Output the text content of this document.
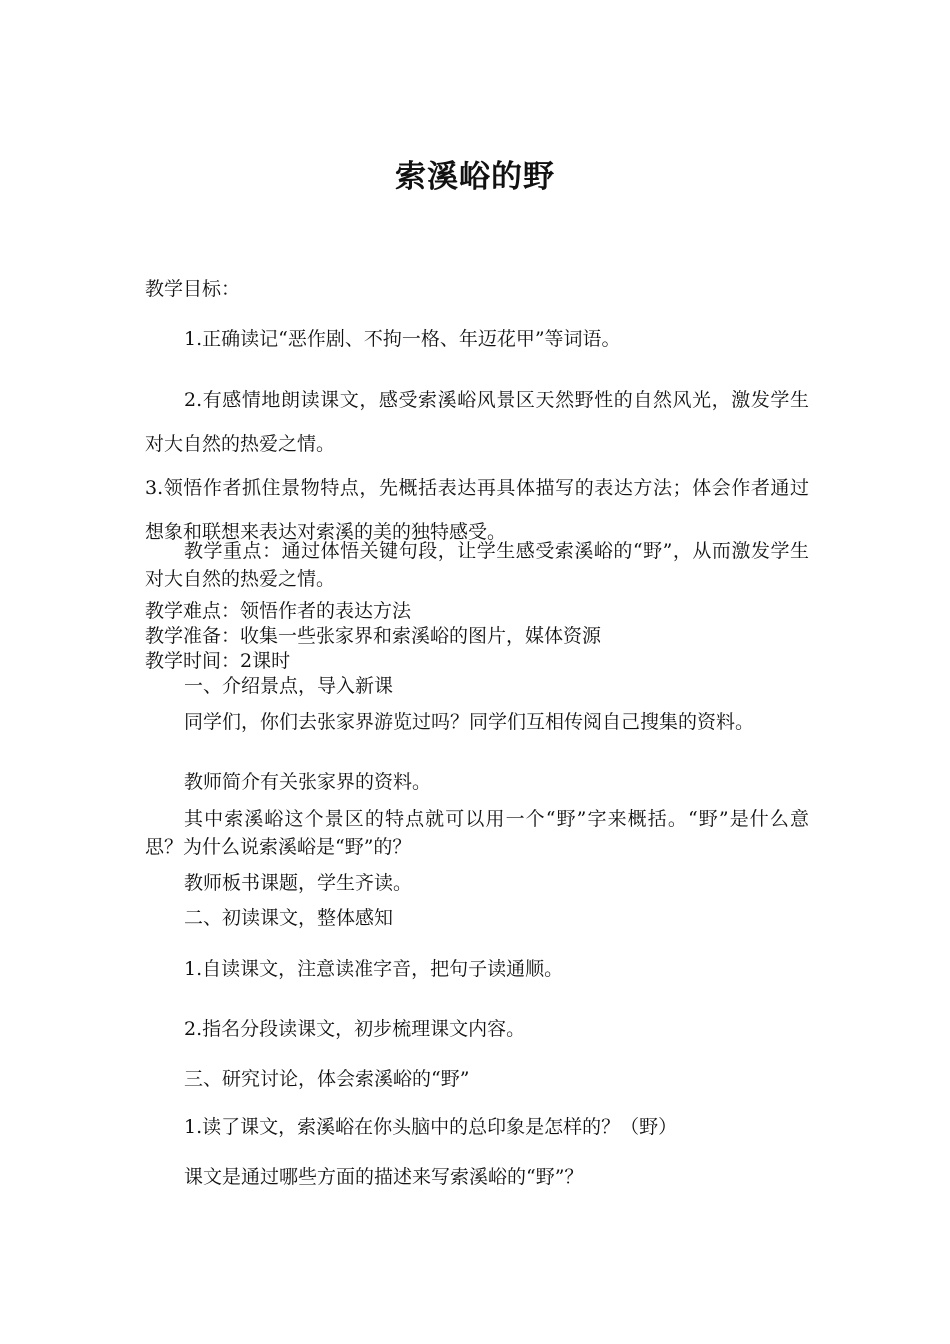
索溪峪的野
教学目标：
1.正确读记“恶作剧、不拘一格、年迈花甲”等词语。
2.有感情地朗读课文，感受索溪峪风景区天然野性的自然风光，激发学生对大自然的热爱之情。
3.领悟作者抓住景物特点，先概括表达再具体描写的表达方法；体会作者通过想象和联想来表达对索溪的美的独特感受。
教学重点：通过体悟关键句段，让学生感受索溪峪的“野”，从而激发学生对大自然的热爱之情。
教学难点：领悟作者的表达方法
教学准备：收集一些张家界和索溪峪的图片，媒体资源
教学时间：2课时
一、介绍景点，导入新课
同学们，你们去张家界游览过吗？同学们互相传阅自己搜集的资料。
教师简介有关张家界的资料。
其中索溪峪这个景区的特点就可以用一个“野”字来概括。“野”是什么意思？为什么说索溪峪是“野”的？
教师板书课题，学生齐读。
二、初读课文，整体感知
1.自读课文，注意读准字音，把句子读通顺。
2.指名分段读课文，初步梳理课文内容。
三、研究讨论，体会索溪峪的“野”
1.读了课文，索溪峪在你头脑中的总印象是怎样的？（野）
课文是通过哪些方面的描述来写索溪峪的“野”？
